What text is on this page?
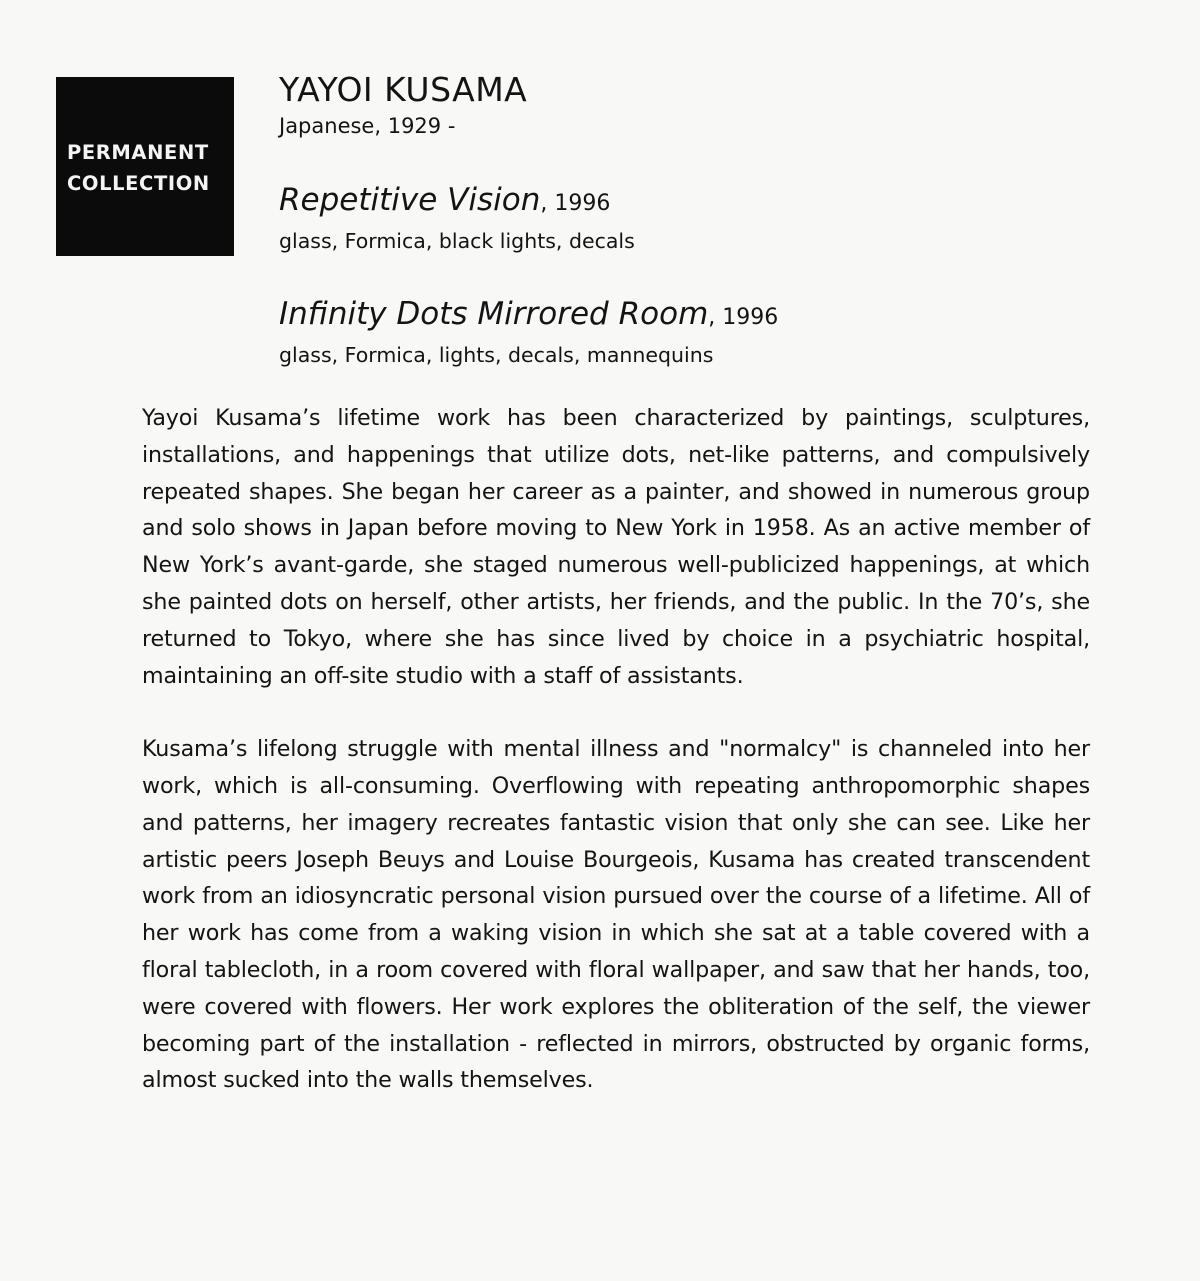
PERMANENT
COLLECTION
YAYOI KUSAMA

Japanese, 1929 -

Repetitive Vision, 1996
glass, Formica, black lights, decals
Infinity Dots Mirrored Room, 1996
glass, Formica, lights, decals, mannequins

Yayoi Kusama’s lifetime work has been characterized by paintings, sculptures, installations, and happenings that utilize dots, net-like patterns, and compulsively repeated shapes. She began her career as a painter, and showed in numerous group and solo shows in Japan before moving to New York in 1958. As an active member of New York’s avant-garde, she staged numerous well-publicized happenings, at which she painted dots on herself, other artists, her friends, and the public. In the 70’s, she returned to Tokyo, where she has since lived by choice in a psychiatric hospital, maintaining an off-site studio with a staff of assistants.

Kusama’s lifelong struggle with mental illness and "normalcy" is channeled into her work, which is all-consuming. Overflowing with repeating anthropomorphic shapes and patterns, her imagery recreates fantastic vision that only she can see. Like her artistic peers Joseph Beuys and Louise Bourgeois, Kusama has created transcendent work from an idiosyncratic personal vision pursued over the course of a lifetime. All of her work has come from a waking vision in which she sat at a table covered with a floral tablecloth, in a room covered with floral wallpaper, and saw that her hands, too, were covered with flowers. Her work explores the obliteration of the self, the viewer becoming part of the installation - reflected in mirrors, obstructed by organic forms, almost sucked into the walls themselves.
